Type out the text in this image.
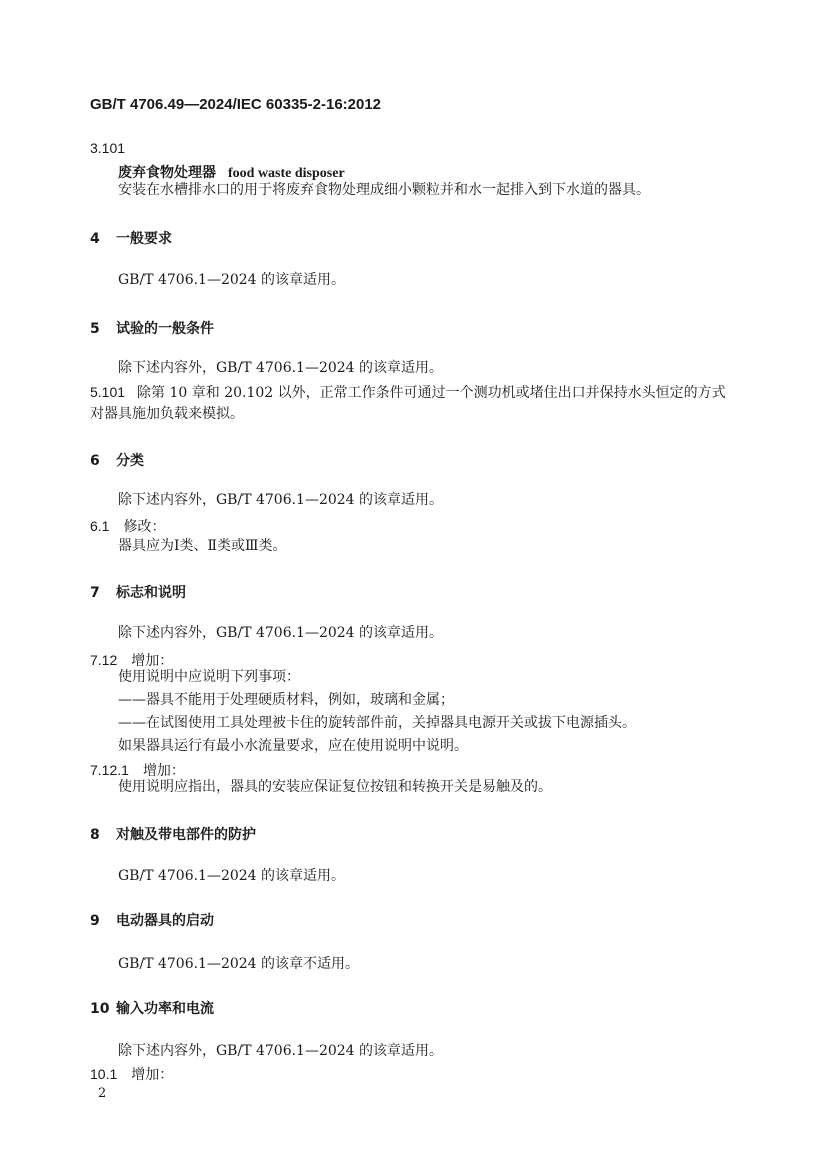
GB/T 4706.49—2024/IEC 60335-2-16:2012
3.101
废弃食物处理器 food waste disposer
安装在水槽排水口的用于将废弃食物处理成细小颗粒并和水一起排入到下水道的器具。
4 一般要求
GB/T 4706.1—2024 的该章适用。
5 试验的一般条件
除下述内容外，GB/T 4706.1—2024 的该章适用。
5.101 除第 10 章和 20.102 以外，正常工作条件可通过一个测功机或堵住出口并保持水头恒定的方式
对器具施加负载来模拟。
6 分类
除下述内容外，GB/T 4706.1—2024 的该章适用。
6.1 修改：
器具应为Ⅰ类、Ⅱ类或Ⅲ类。
7 标志和说明
除下述内容外，GB/T 4706.1—2024 的该章适用。
7.12 增加：
使用说明中应说明下列事项：
——器具不能用于处理硬质材料，例如，玻璃和金属；
——在试图使用工具处理被卡住的旋转部件前，关掉器具电源开关或拔下电源插头。
如果器具运行有最小水流量要求，应在使用说明中说明。
7.12.1 增加：
使用说明应指出，器具的安装应保证复位按钮和转换开关是易触及的。
8 对触及带电部件的防护
GB/T 4706.1—2024 的该章适用。
9 电动器具的启动
GB/T 4706.1—2024 的该章不适用。
10 输入功率和电流
除下述内容外，GB/T 4706.1—2024 的该章适用。
10.1 增加：
2
